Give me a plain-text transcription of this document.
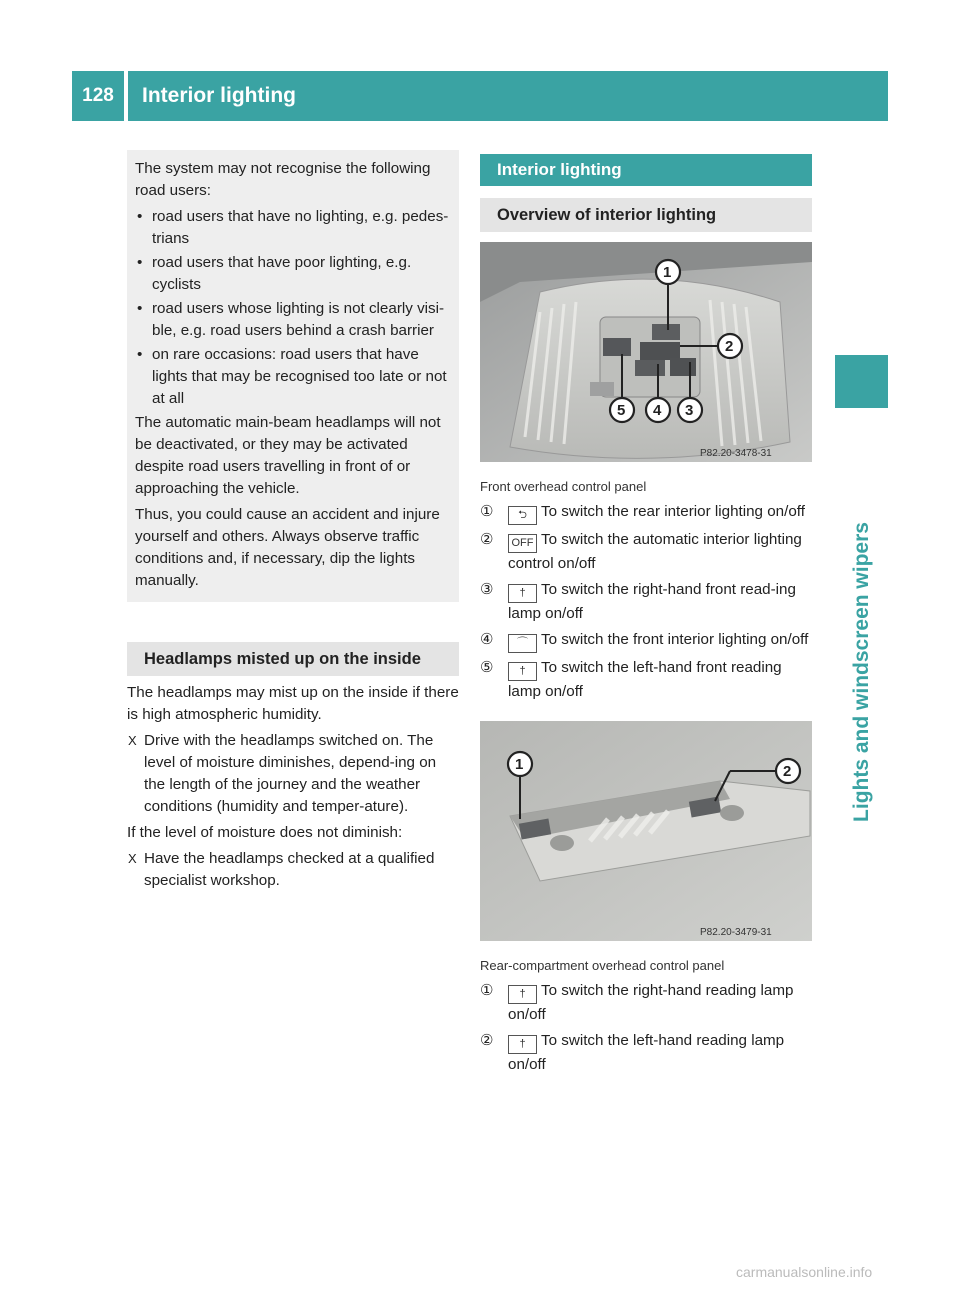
128	Interior lighting
Lights and windscreen wipers

The system may not recognise the following road users:

• road users that have no lighting, e.g. pedes-trians
• road users that have poor lighting, e.g. cyclists
• road users whose lighting is not clearly visi-ble, e.g. road users behind a crash barrier
• on rare occasions: road users that have lights that may be recognised too late or not at all

The automatic main-beam headlamps will not be deactivated, or they may be activated despite road users travelling in front of or approaching the vehicle.

Thus, you could cause an accident and injure yourself and others. Always observe traffic conditions and, if necessary, dip the lights manually.

Headlamps misted up on the inside

The headlamps may mist up on the inside if there is high atmospheric humidity.

X Drive with the headlamps switched on. The level of moisture diminishes, depend-ing on the length of the journey and the weather conditions (humidity and temper-ature).

If the level of moisture does not diminish:

X Have the headlamps checked at a qualified specialist workshop.
Interior lighting
Overview of interior lighting
P82.20-3478-31
1
2
3
4
5
Front overhead control panel
① ⮌ To switch the rear interior lighting on/off
② OFF To switch the automatic interior lighting control on/off
③ † To switch the right-hand front read-ing lamp on/off
④ ⌒ To switch the front interior lighting on/off
⑤ † To switch the left-hand front reading lamp on/off
P82.20-3479-31
1	2
Rear-compartment overhead control panel
① † To switch the right-hand reading lamp on/off
② † To switch the left-hand reading lamp on/off
carmanualsonline.info
